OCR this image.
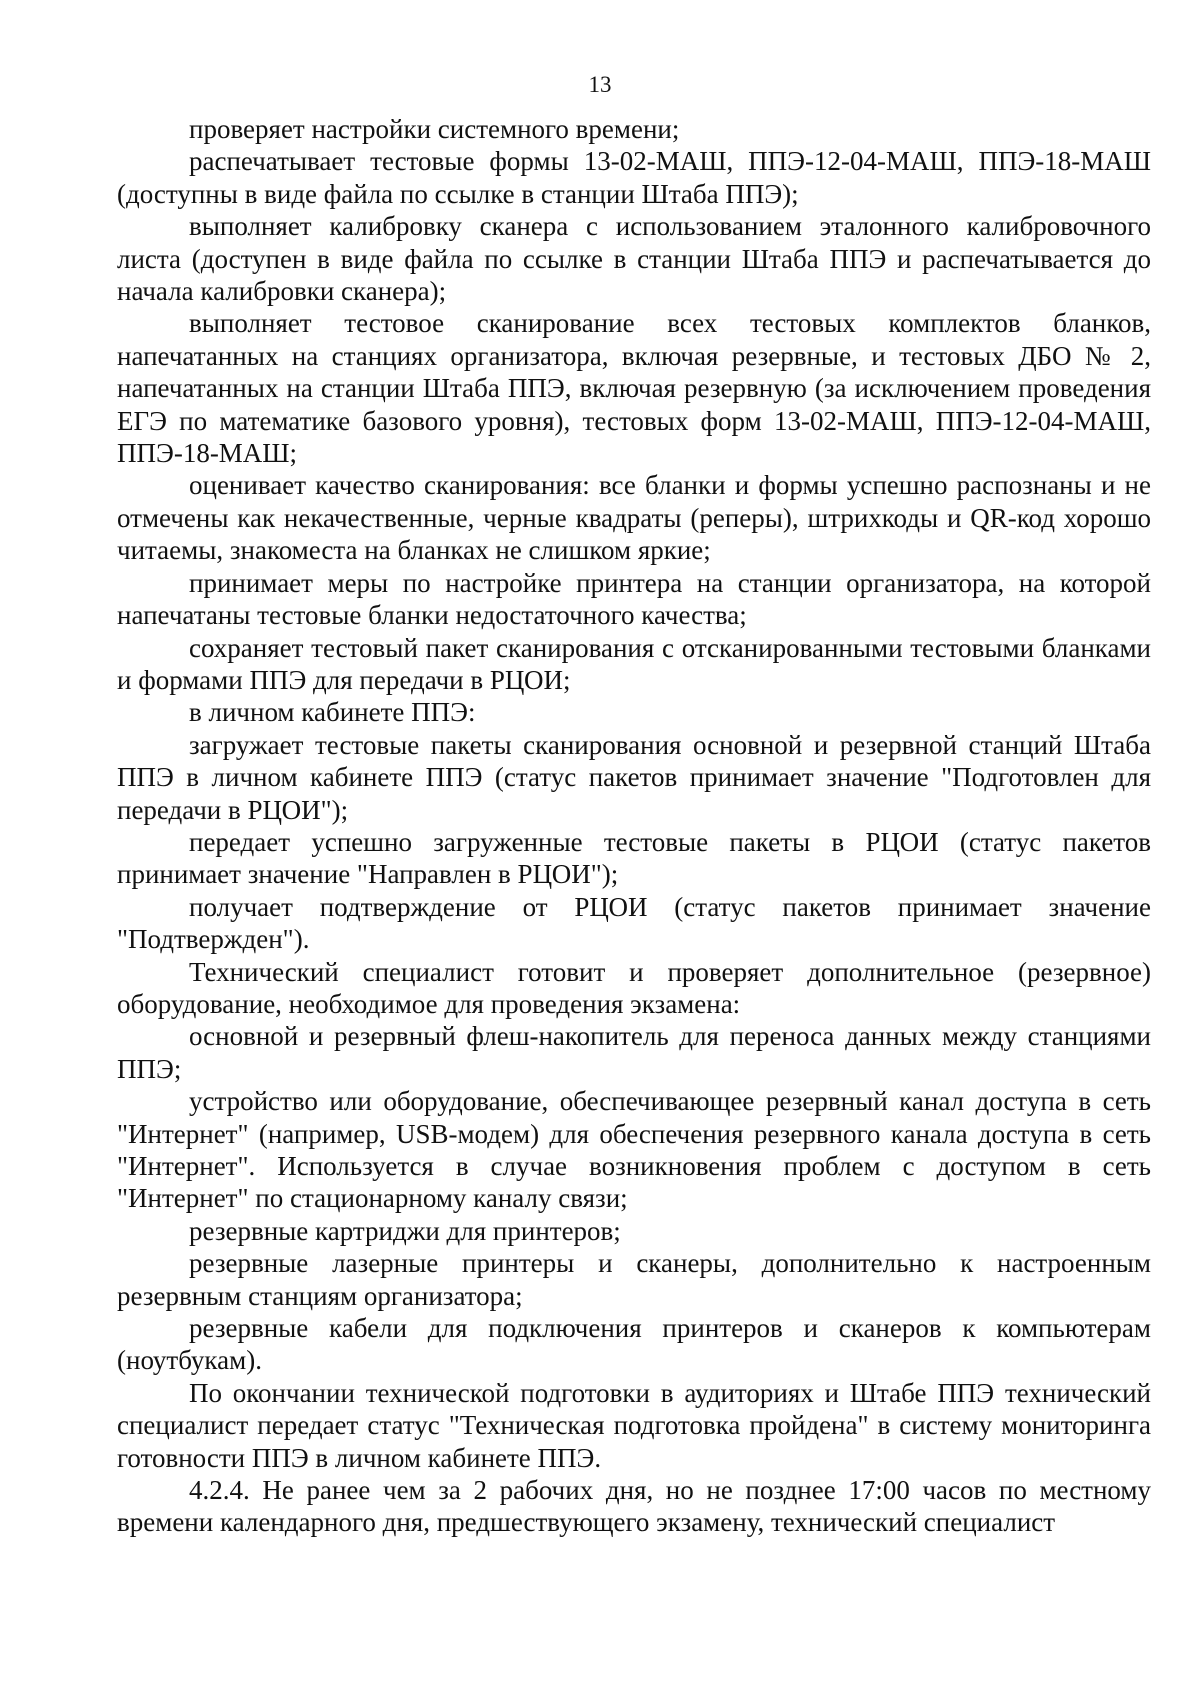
13

проверяет настройки системного времени;

распечатывает тестовые формы 13-02-МАШ, ППЭ-12-04-МАШ, ППЭ-18-МАШ (доступны в виде файла по ссылке в станции Штаба ППЭ);

выполняет калибровку сканера с использованием эталонного калибровочного листа (доступен в виде файла по ссылке в станции Штаба ППЭ и распечатывается до начала калибровки сканера);

выполняет тестовое сканирование всех тестовых комплектов бланков, напечатанных на станциях организатора, включая резервные, и тестовых ДБО № 2, напечатанных на станции Штаба ППЭ, включая резервную (за исключением проведения ЕГЭ по математике базового уровня), тестовых форм 13-02-МАШ, ППЭ-12-04-МАШ, ППЭ-18-МАШ;

оценивает качество сканирования: все бланки и формы успешно распознаны и не отмечены как некачественные, черные квадраты (реперы), штрихкоды и QR-код хорошо читаемы, знакоместа на бланках не слишком яркие;

принимает меры по настройке принтера на станции организатора, на которой напечатаны тестовые бланки недостаточного качества;

сохраняет тестовый пакет сканирования с отсканированными тестовыми бланками и формами ППЭ для передачи в РЦОИ;

в личном кабинете ППЭ:

загружает тестовые пакеты сканирования основной и резервной станций Штаба ППЭ в личном кабинете ППЭ (статус пакетов принимает значение "Подготовлен для передачи в РЦОИ");

передает успешно загруженные тестовые пакеты в РЦОИ (статус пакетов принимает значение "Направлен в РЦОИ");

получает подтверждение от РЦОИ (статус пакетов принимает значение "Подтвержден").

Технический специалист готовит и проверяет дополнительное (резервное) оборудование, необходимое для проведения экзамена:

основной и резервный флеш-накопитель для переноса данных между станциями ППЭ;

устройство или оборудование, обеспечивающее резервный канал доступа в сеть "Интернет" (например, USB-модем) для обеспечения резервного канала доступа в сеть "Интернет". Используется в случае возникновения проблем с доступом в сеть "Интернет" по стационарному каналу связи;

резервные картриджи для принтеров;

резервные лазерные принтеры и сканеры, дополнительно к настроенным резервным станциям организатора;

резервные кабели для подключения принтеров и сканеров к компьютерам (ноутбукам).

По окончании технической подготовки в аудиториях и Штабе ППЭ технический специалист передает статус "Техническая подготовка пройдена" в систему мониторинга готовности ППЭ в личном кабинете ППЭ.

4.2.4. Не ранее чем за 2 рабочих дня, но не позднее 17:00 часов по местному времени календарного дня, предшествующего экзамену, технический специалист
